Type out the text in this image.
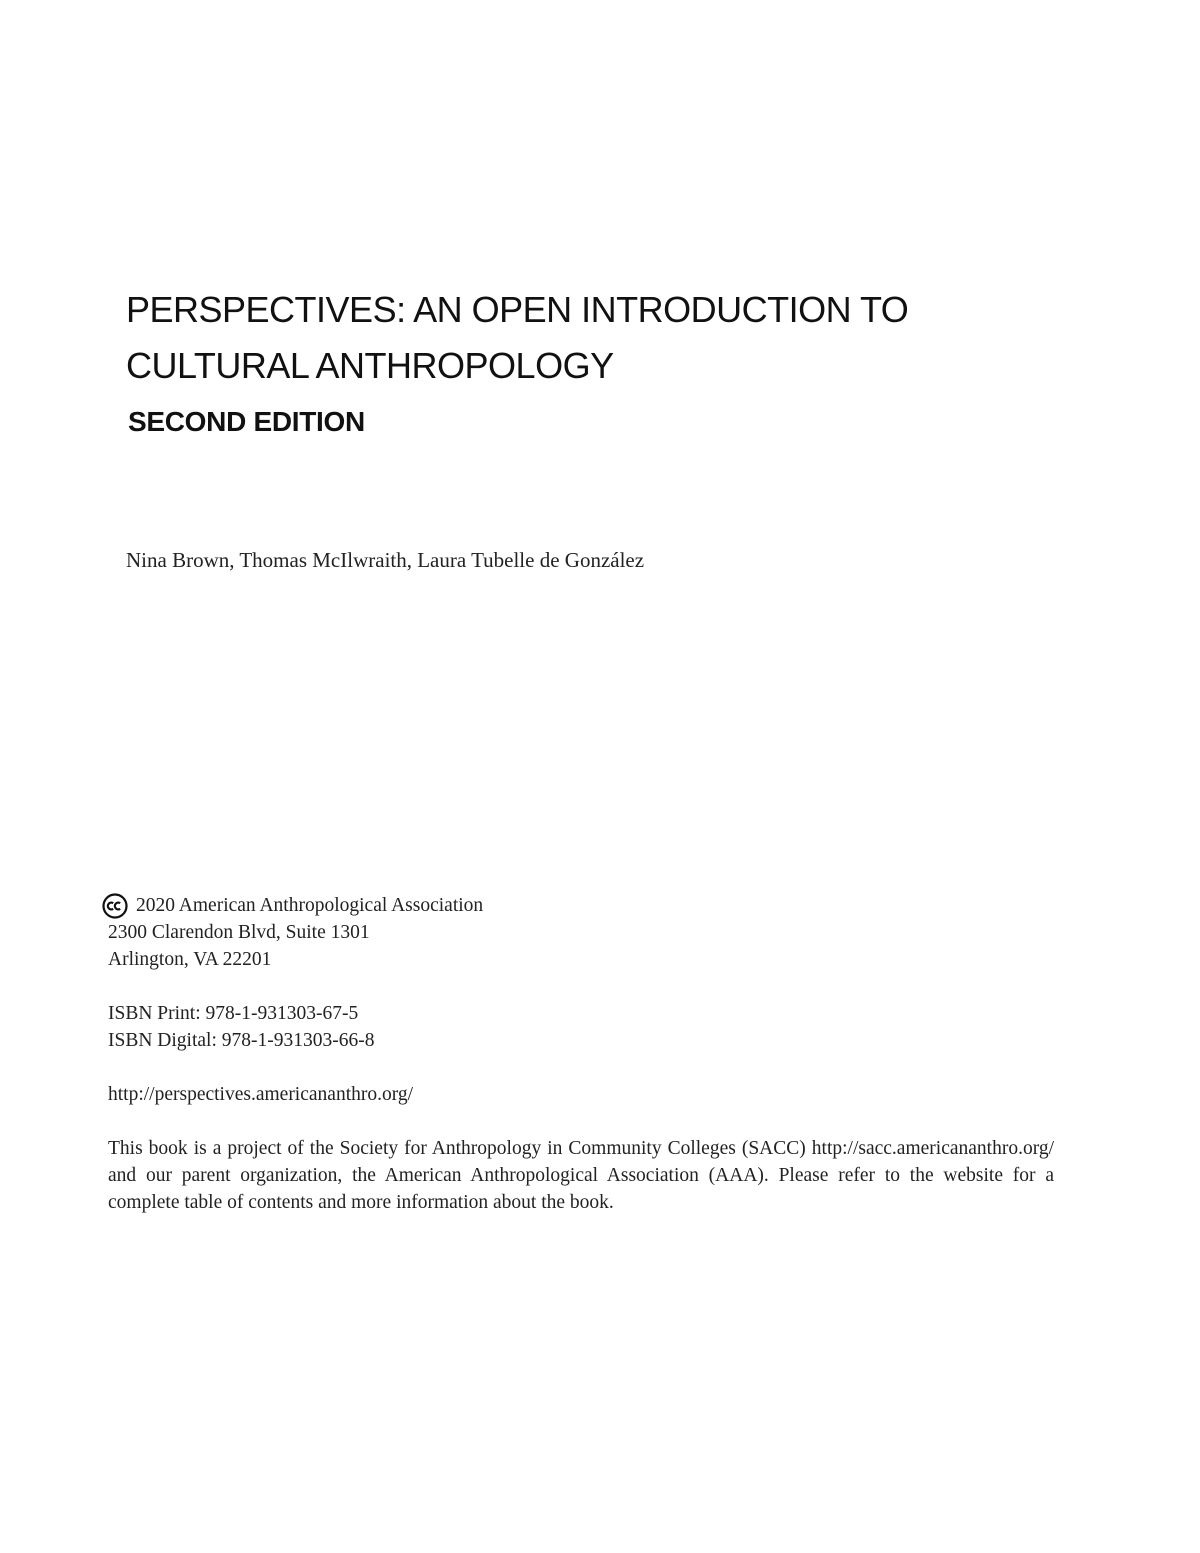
PERSPECTIVES: AN OPEN INTRODUCTION TO CULTURAL ANTHROPOLOGY
SECOND EDITION
Nina Brown, Thomas McIlwraith, Laura Tubelle de González
2020 American Anthropological Association
2300 Clarendon Blvd, Suite 1301
Arlington, VA 22201
ISBN Print: 978-1-931303-67-5
ISBN Digital: 978-1-931303-66-8
http://perspectives.americananthro.org/
This book is a project of the Society for Anthropology in Community Colleges (SACC) http://sacc.americananthro.org/ and our parent organization, the American Anthropological Association (AAA). Please refer to the website for a complete table of contents and more information about the book.
